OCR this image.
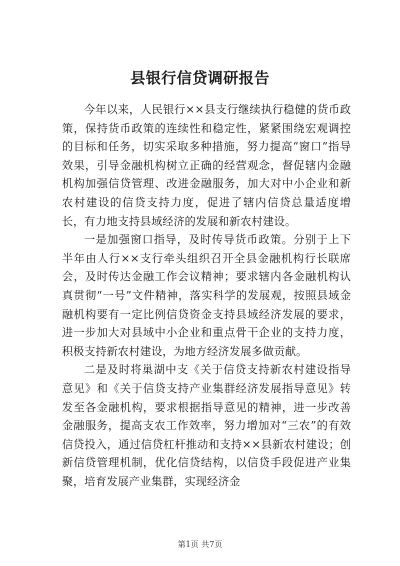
县银行信贷调研报告

今年以来，人民银行××县支行继续执行稳健的货币政策，保持货币政策的连续性和稳定性，紧紧围绕宏观调控的目标和任务，切实采取多种措施，努力提高“窗口”指导效果，引导金融机构树立正确的经营观念，督促辖内金融机构加强信贷管理、改进金融服务，加大对中小企业和新农村建设的信贷支持力度，促进了辖内信贷总量适度增长，有力地支持县域经济的发展和新农村建设。

一是加强窗口指导，及时传导货币政策。分别于上下半年由人行××支行牵头组织召开全县金融机构行长联席会，及时传达金融工作会议精神；要求辖内各金融机构认真贯彻“一号”文件精神，落实科学的发展观，按照县域金融机构要有一定比例信贷资金支持县域经济发展的要求，进一步加大对县域中小企业和重点骨干企业的支持力度，积极支持新农村建设，为地方经济发展多做贡献。

二是及时将巢湖中支《关于信贷支持新农村建设指导意见》和《关于信贷支持产业集群经济发展指导意见》转发至各金融机构，要求根据指导意见的精神，进一步改善金融服务，提高支农工作效率，努力增加对“三农”的有效信贷投入，通过信贷杠杆推动和支持××县新农村建设；创新信贷管理机制，优化信贷结构，以信贷手段促进产业集聚，培育发展产业集群，实现经济金

第1页 共7页
